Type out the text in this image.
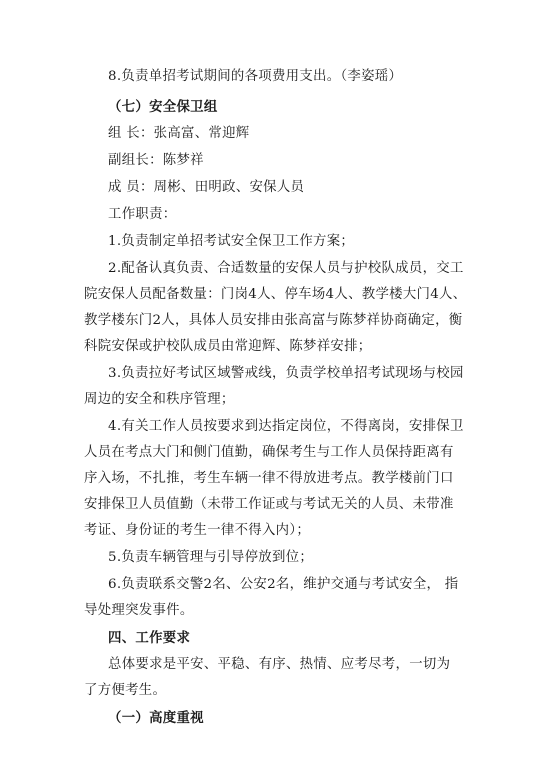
8.负责单招考试期间的各项费用支出。（李姿瑶）
（七）安全保卫组
组 长：张高富、常迎辉
副组长：陈梦祥
成 员：周彬、田明政、安保人员
工作职责：
1.负责制定单招考试安全保卫工作方案；
2.配备认真负责、合适数量的安保人员与护校队成员，交工
院安保人员配备数量：门岗4人、停车场4人、教学楼大门4人、
教学楼东门2人，具体人员安排由张高富与陈梦祥协商确定，衡
科院安保或护校队成员由常迎辉、陈梦祥安排；
3.负责拉好考试区域警戒线，负责学校单招考试现场与校园
周边的安全和秩序管理；
4.有关工作人员按要求到达指定岗位，不得离岗，安排保卫
人员在考点大门和侧门值勤，确保考生与工作人员保持距离有
序入场，不扎推，考生车辆一律不得放进考点。教学楼前门口
安排保卫人员值勤（未带工作证或与考试无关的人员、未带准
考证、身份证的考生一律不得入内）；
5.负责车辆管理与引导停放到位；
6.负责联系交警2名、公安2名，维护交通与考试安全， 指
导处理突发事件。
四、工作要求
总体要求是平安、平稳、有序、热情、应考尽考，一切为
了方便考生。
（一）高度重视
